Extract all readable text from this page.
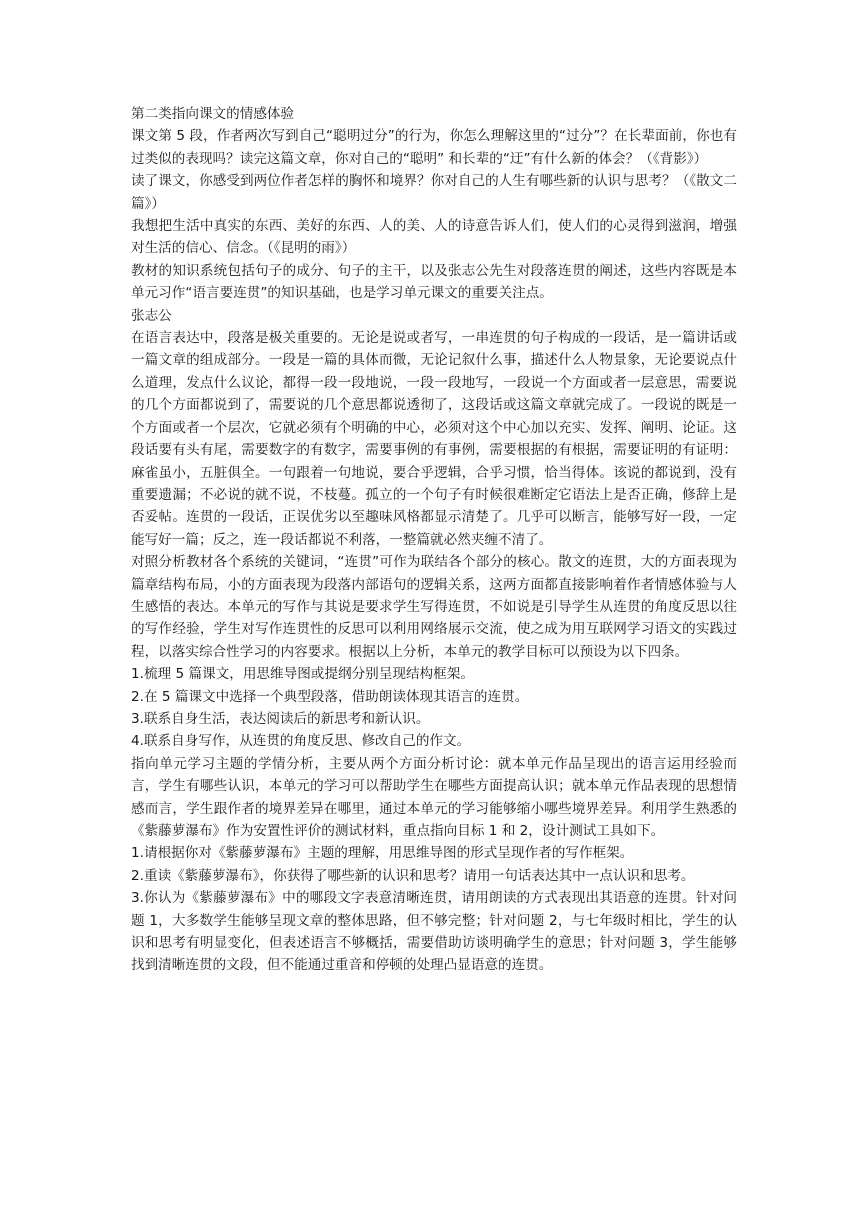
第二类指向课文的情感体验

课文第 5 段，作者两次写到自己“聪明过分”的行为，你怎么理解这里的“过分”？在长辈面前，你也有过类似的表现吗？读完这篇文章，你对自己的“聪明” 和长辈的“迂”有什么新的体会？（《背影》）

读了课文，你感受到两位作者怎样的胸怀和境界？你对自己的人生有哪些新的认识与思考？（《散文二篇》）

我想把生活中真实的东西、美好的东西、人的美、人的诗意告诉人们，使人们的心灵得到滋润，增强对生活的信心、信念。（《昆明的雨》）

教材的知识系统包括句子的成分、句子的主干，以及张志公先生对段落连贯的阐述，这些内容既是本单元习作“语言要连贯”的知识基础，也是学习单元课文的重要关注点。

张志公

在语言表达中，段落是极关重要的。无论是说或者写，一串连贯的句子构成的一段话，是一篇讲话或一篇文章的组成部分。一段是一篇的具体而微，无论记叙什么事，描述什么人物景象，无论要说点什么道理，发点什么议论，都得一段一段地说，一段一段地写，一段说一个方面或者一层意思，需要说的几个方面都说到了，需要说的几个意思都说透彻了，这段话或这篇文章就完成了。一段说的既是一个方面或者一个层次，它就必须有个明确的中心，必须对这个中心加以充实、发挥、阐明、论证。这段话要有头有尾，需要数字的有数字，需要事例的有事例，需要根据的有根据，需要证明的有证明：麻雀虽小，五脏俱全。一句跟着一句地说，要合乎逻辑，合乎习惯，恰当得体。该说的都说到，没有重要遗漏；不必说的就不说，不枝蔓。孤立的一个句子有时候很难断定它语法上是否正确，修辞上是否妥帖。连贯的一段话，正误优劣以至趣味风格都显示清楚了。几乎可以断言，能够写好一段，一定能写好一篇；反之，连一段话都说不利落，一整篇就必然夹缠不清了。

对照分析教材各个系统的关键词，“连贯”可作为联结各个部分的核心。散文的连贯，大的方面表现为篇章结构布局，小的方面表现为段落内部语句的逻辑关系，这两方面都直接影响着作者情感体验与人生感悟的表达。本单元的写作与其说是要求学生写得连贯，不如说是引导学生从连贯的角度反思以往的写作经验，学生对写作连贯性的反思可以利用网络展示交流，使之成为用互联网学习语文的实践过程，以落实综合性学习的内容要求。根据以上分析，本单元的教学目标可以预设为以下四条。

1.梳理 5 篇课文，用思维导图或提纲分别呈现结构框架。

2.在 5 篇课文中选择一个典型段落，借助朗读体现其语言的连贯。

3.联系自身生活，表达阅读后的新思考和新认识。

4.联系自身写作，从连贯的角度反思、修改自己的作文。

指向单元学习主题的学情分析，主要从两个方面分析讨论：就本单元作品呈现出的语言运用经验而言，学生有哪些认识，本单元的学习可以帮助学生在哪些方面提高认识；就本单元作品表现的思想情感而言，学生跟作者的境界差异在哪里，通过本单元的学习能够缩小哪些境界差异。利用学生熟悉的《紫藤萝瀑布》作为安置性评价的测试材料，重点指向目标 1 和 2，设计测试工具如下。

1.请根据你对《紫藤萝瀑布》主题的理解，用思维导图的形式呈现作者的写作框架。

2.重读《紫藤萝瀑布》，你获得了哪些新的认识和思考？请用一句话表达其中一点认识和思考。

3.你认为《紫藤萝瀑布》中的哪段文字表意清晰连贯，请用朗读的方式表现出其语意的连贯。针对问题 1，大多数学生能够呈现文章的整体思路，但不够完整；针对问题 2，与七年级时相比，学生的认识和思考有明显变化，但表述语言不够概括，需要借助访谈明确学生的意思；针对问题 3，学生能够找到清晰连贯的文段，但不能通过重音和停顿的处理凸显语意的连贯。
